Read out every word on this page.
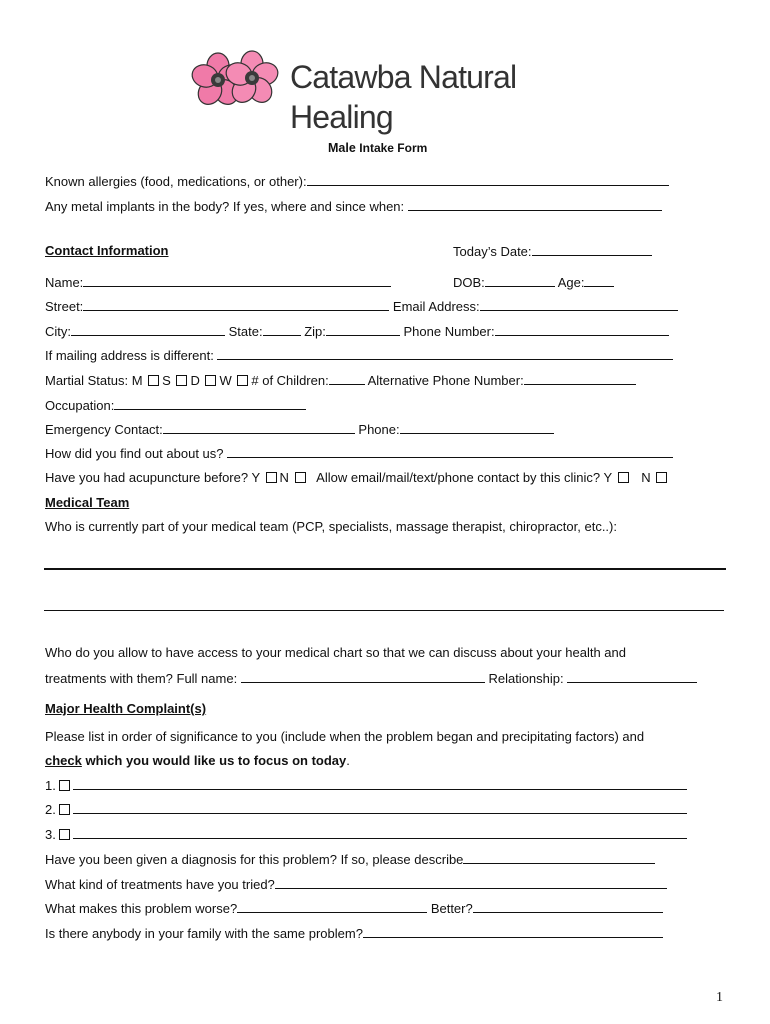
Catawba Natural Healing
Male Intake Form
Known allergies (food, medications, or other):
Any metal implants in the body? If yes, where and since when:
Contact Information	Today’s Date:
Name:	DOB:	Age:
Street:	Email Address:
City:	State:	Zip:	Phone Number:
If mailing address is different:
Martial Status: M S D W # of Children:	Alternative Phone Number:
Occupation:
Emergency Contact:	Phone:
How did you find out about us?
Have you had acupuncture before? Y N Allow email/mail/text/phone contact by this clinic? Y N
Medical Team
Who is currently part of your medical team (PCP, specialists, massage therapist, chiropractor, etc..):
Who do you allow to have access to your medical chart so that we can discuss about your health and
treatments with them? Full name:	Relationship:
Major Health Complaint(s)
Please list in order of significance to you (include when the problem began and precipitating factors) and
check which you would like us to focus on today.
1.
2.
3.
Have you been given a diagnosis for this problem? If so, please describe
What kind of treatments have you tried?
What makes this problem worse?	Better?
Is there anybody in your family with the same problem?
1
